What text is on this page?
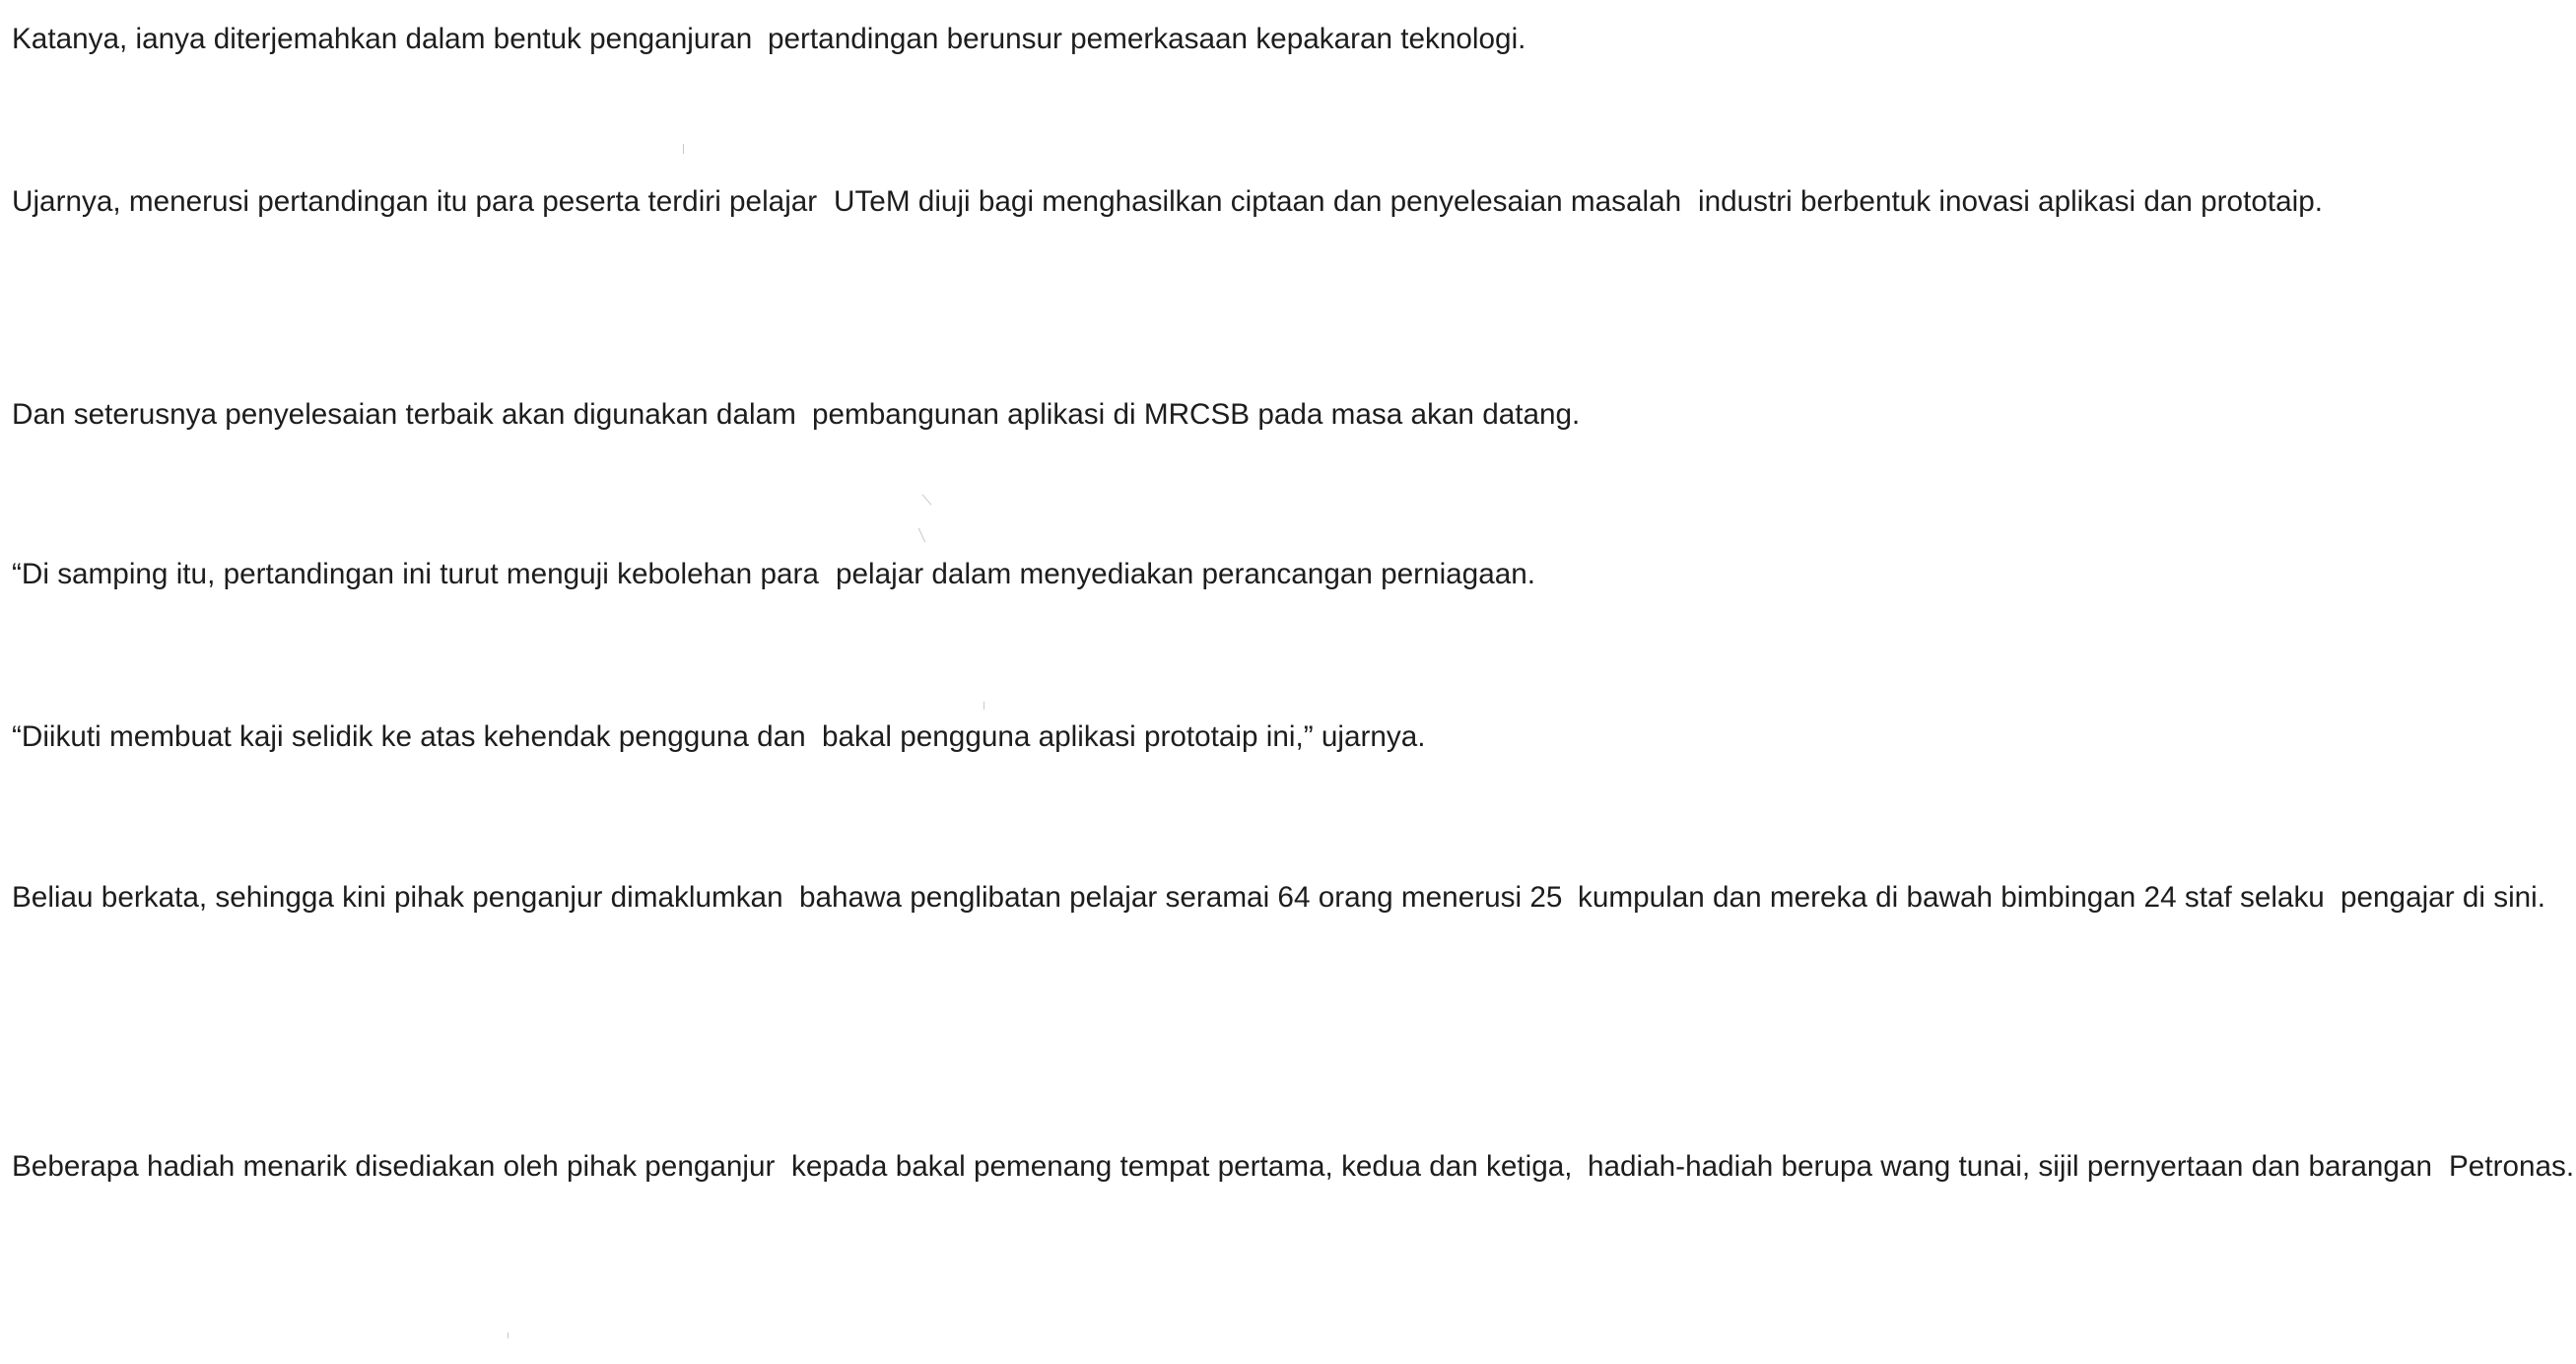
Katanya, ianya diterjemahkan dalam bentuk penganjuran pertandingan berunsur pemerkasaan kepakaran teknologi.

Ujarnya, menerusi pertandingan itu para peserta terdiri pelajar UTeM diuji bagi menghasilkan ciptaan dan penyelesaian masalah industri berbentuk inovasi aplikasi dan prototaip.

Dan seterusnya penyelesaian terbaik akan digunakan dalam pembangunan aplikasi di MRCSB pada masa akan datang.

“Di samping itu, pertandingan ini turut menguji kebolehan para pelajar dalam menyediakan perancangan perniagaan.

“Diikuti membuat kaji selidik ke atas kehendak pengguna dan bakal pengguna aplikasi prototaip ini,” ujarnya.

Beliau berkata, sehingga kini pihak penganjur dimaklumkan bahawa penglibatan pelajar seramai 64 orang menerusi 25 kumpulan dan mereka di bawah bimbingan 24 staf selaku pengajar di sini.

Beberapa hadiah menarik disediakan oleh pihak penganjur kepada bakal pemenang tempat pertama, kedua dan ketiga, hadiah-hadiah berupa wang tunai, sijil pernyertaan dan barangan Petronas.
